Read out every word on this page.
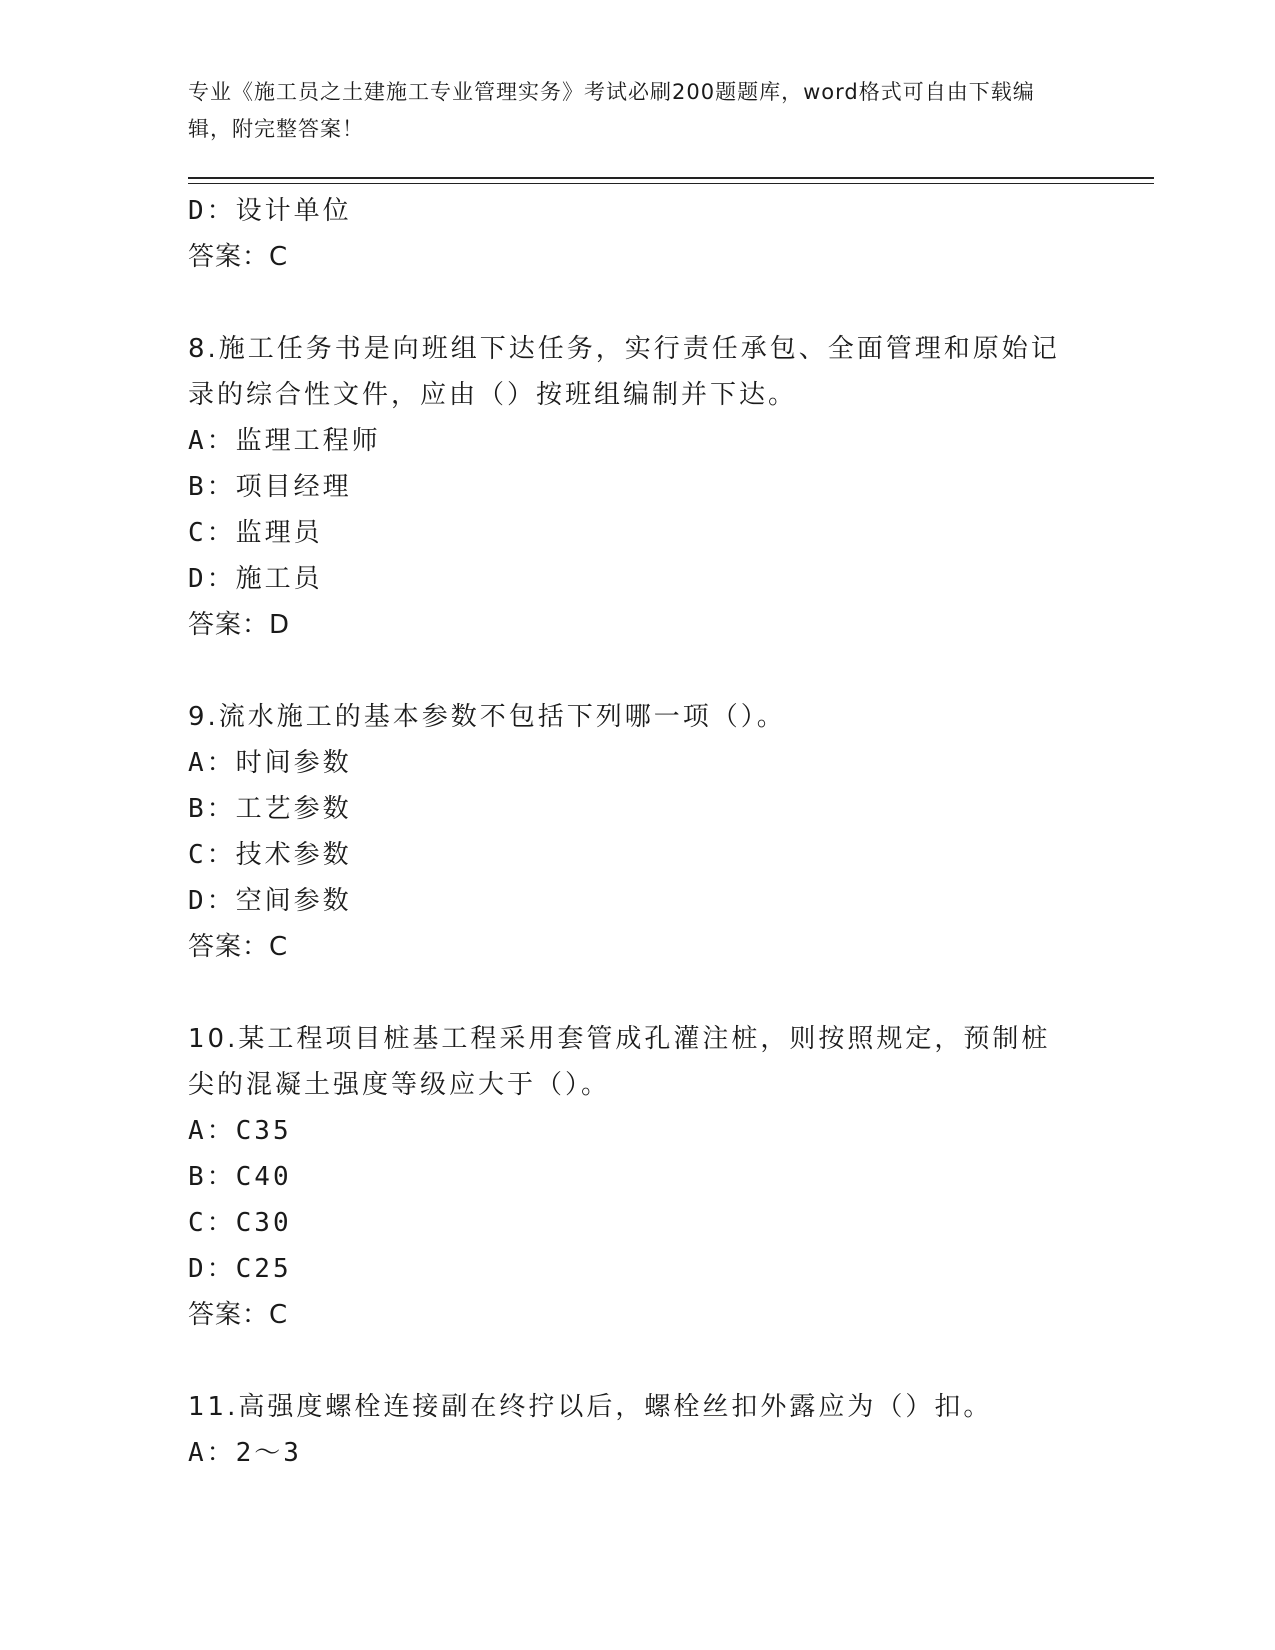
专业《施工员之土建施工专业管理实务》考试必刷200题题库，word格式可自由下载编辑，附完整答案！
D：设计单位
答案：C
8.施工任务书是向班组下达任务，实行责任承包、全面管理和原始记录的综合性文件，应由（）按班组编制并下达。
A：监理工程师
B：项目经理
C：监理员
D：施工员
答案：D
9.流水施工的基本参数不包括下列哪一项（）。
A：时间参数
B：工艺参数
C：技术参数
D：空间参数
答案：C
10.某工程项目桩基工程采用套管成孔灌注桩，则按照规定，预制桩尖的混凝土强度等级应大于（）。
A：C35
B：C40
C：C30
D：C25
答案：C
11.高强度螺栓连接副在终拧以后，螺栓丝扣外露应为（）扣。
A：2～3
